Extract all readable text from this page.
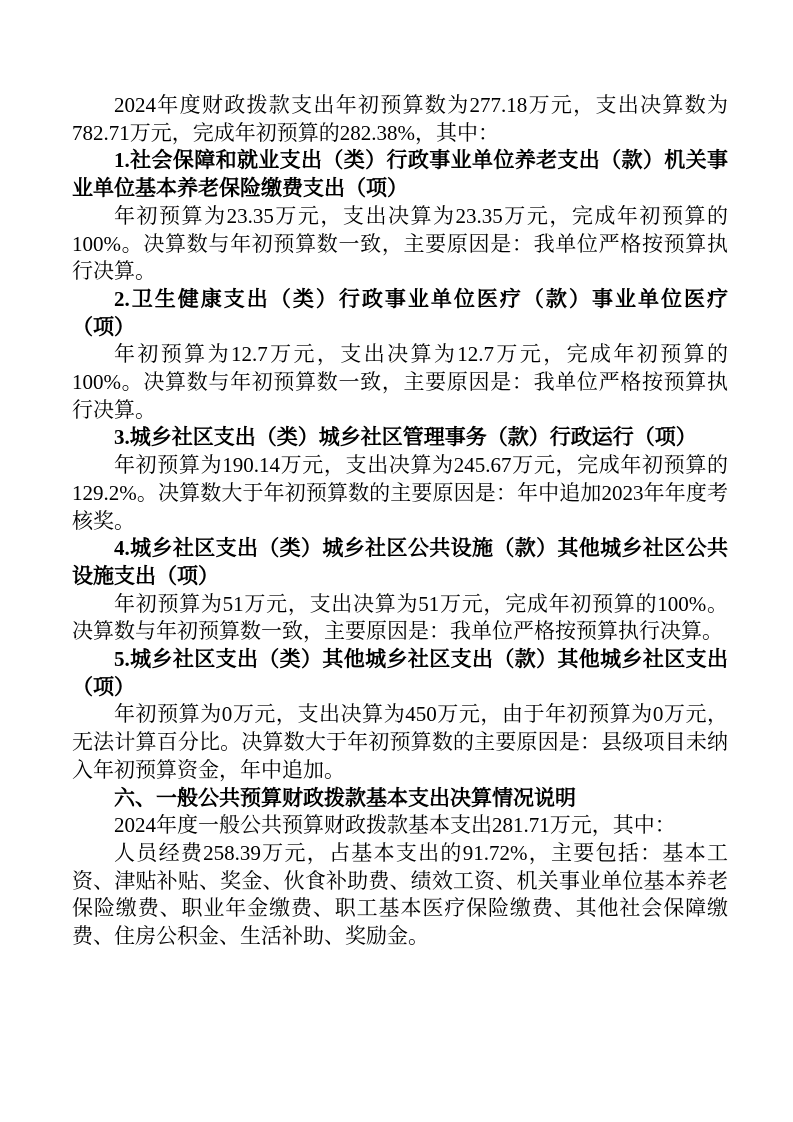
2024年度财政拨款支出年初预算数为277.18万元，支出决算数为782.71万元，完成年初预算的282.38%，其中：

1.社会保障和就业支出（类）行政事业单位养老支出（款）机关事业单位基本养老保险缴费支出（项）

年初预算为23.35万元，支出决算为23.35万元，完成年初预算的100%。决算数与年初预算数一致，主要原因是：我单位严格按预算执行决算。

2.卫生健康支出（类）行政事业单位医疗（款）事业单位医疗（项）

年初预算为12.7万元，支出决算为12.7万元，完成年初预算的100%。决算数与年初预算数一致，主要原因是：我单位严格按预算执行决算。

3.城乡社区支出（类）城乡社区管理事务（款）行政运行（项）

年初预算为190.14万元，支出决算为245.67万元，完成年初预算的129.2%。决算数大于年初预算数的主要原因是：年中追加2023年年度考核奖。

4.城乡社区支出（类）城乡社区公共设施（款）其他城乡社区公共设施支出（项）

年初预算为51万元，支出决算为51万元，完成年初预算的100%。决算数与年初预算数一致，主要原因是：我单位严格按预算执行决算。

5.城乡社区支出（类）其他城乡社区支出（款）其他城乡社区支出（项）

年初预算为0万元，支出决算为450万元，由于年初预算为0万元，无法计算百分比。决算数大于年初预算数的主要原因是：县级项目未纳入年初预算资金，年中追加。

六、一般公共预算财政拨款基本支出决算情况说明

2024年度一般公共预算财政拨款基本支出281.71万元，其中：

人员经费258.39万元，占基本支出的91.72%，主要包括：基本工资、津贴补贴、奖金、伙食补助费、绩效工资、机关事业单位基本养老保险缴费、职业年金缴费、职工基本医疗保险缴费、其他社会保障缴费、住房公积金、生活补助、奖励金。
